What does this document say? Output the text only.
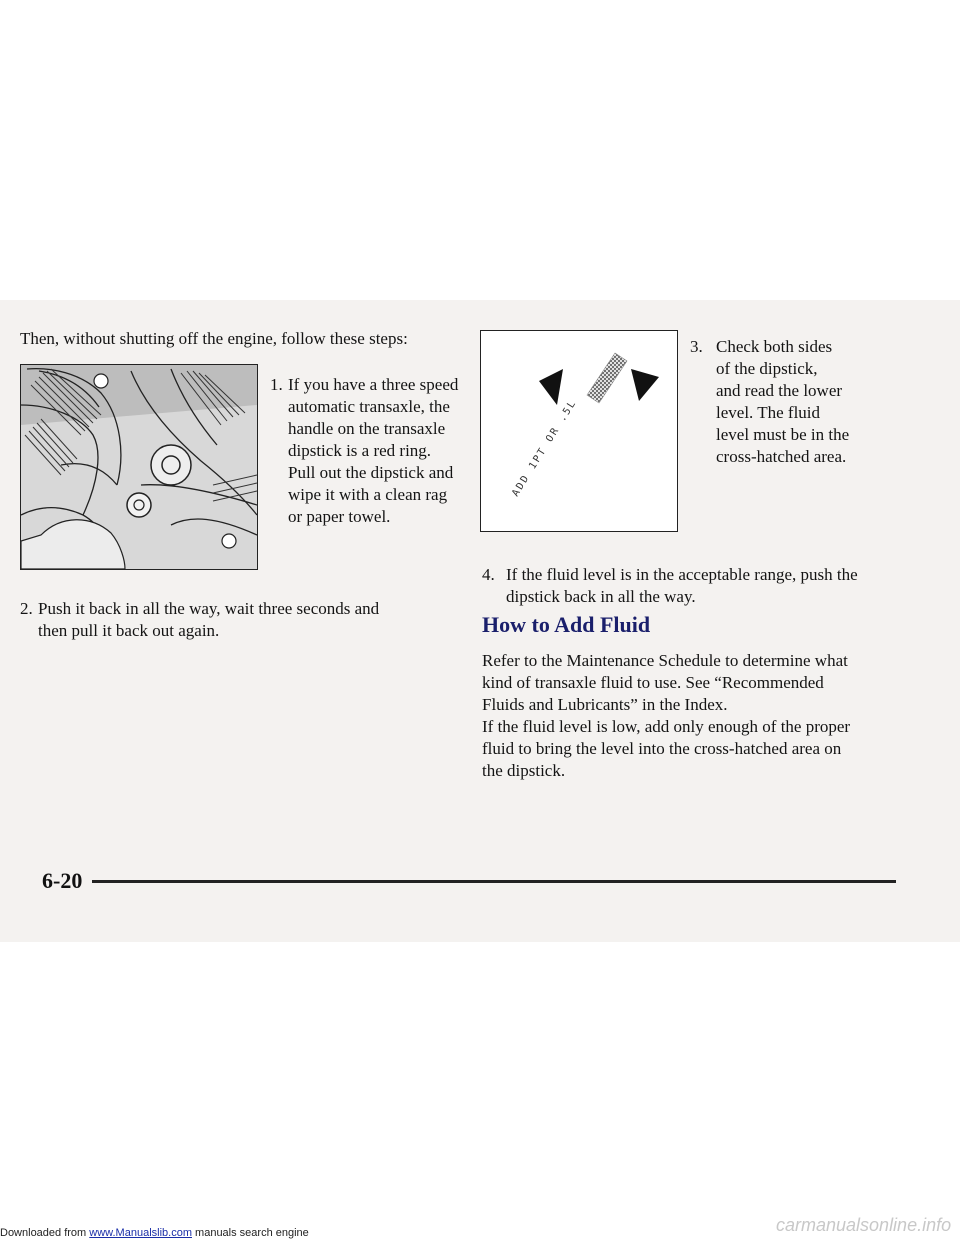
Then, without shutting off the engine, follow these steps:

1. If you have a three speed
automatic transaxle, the
handle on the transaxle
dipstick is a red ring.
Pull out the dipstick and
wipe it with a clean rag
or paper towel.
2. Push it back in all the way, wait three seconds and
then pull it back out again.
ADD 1PT OR .5L
3. Check both sides
of the dipstick,
and read the lower
level. The fluid
level must be in the
cross-hatched area.
4. If the fluid level is in the acceptable range, push the
dipstick back in all the way.
How to Add Fluid
Refer to the Maintenance Schedule to determine what
kind of transaxle fluid to use. See “Recommended
Fluids and Lubricants” in the Index.
If the fluid level is low, add only enough of the proper
fluid to bring the level into the cross-hatched area on
the dipstick.
6-20
Downloaded from www.Manualslib.com manuals search engine	carmanualsonline.info
